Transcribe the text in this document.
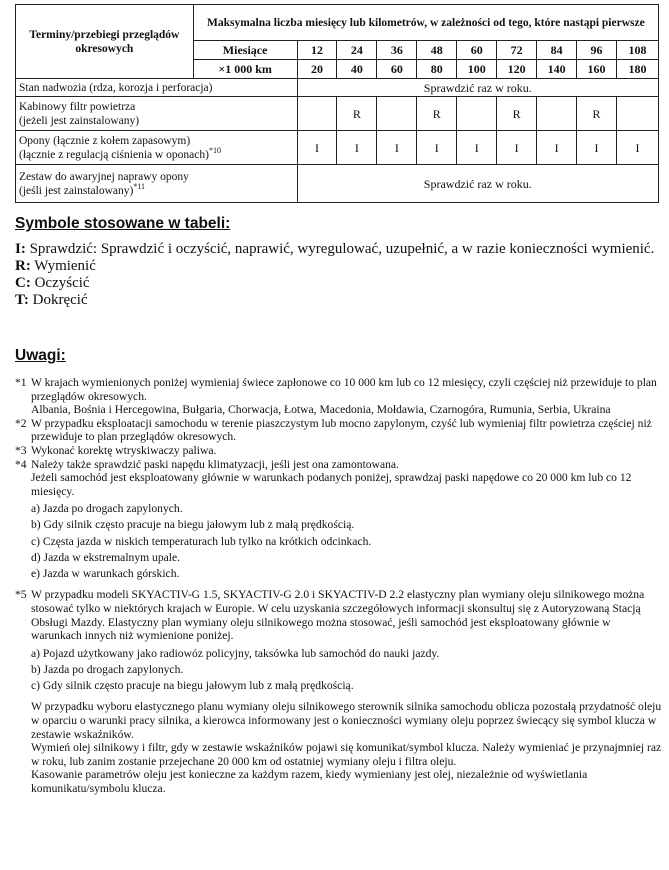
Terminy/przebiegi przeglądów okresowych	Maksymalna liczba miesięcy lub kilometrów, w zależności od tego, które nastąpi pierwsze									
	Miesiące	12	24	36	48	60	72	84	96	108
	×1 000 km	20	40	60	80	100	120	140	160	180
Stan nadwozia (rdza, korozja i perforacja)		Sprawdzić raz w roku.								
Kabinowy filtr powietrza
(jeżeli jest zainstalowany)			R		R		R		R	
Opony (łącznie z kołem zapasowym)
(łącznie z regulacją ciśnienia w oponach)$^{*10}$		I	I	I	I	I	I	I	I	I
Zestaw do awaryjnej naprawy opony
(jeśli jest zainstalowany)$^{*11}$		Sprawdzić raz w roku.								
Symbole stosowane w tabeli:

I: Sprawdzić: Sprawdzić i oczyścić, naprawić, wyregulować, uzupełnić, a w razie konieczności wymienić.

R: Wymienić

C: Oczyścić

T: Dokręcić

Uwagi:
*1 W krajach wymienionych poniżej wymieniaj świece zapłonowe co 10 000 km lub co 12 miesięcy, czyli częściej niż przewiduje to plan przeglądów okresowych.

Albania, Bośnia i Hercegowina, Bułgaria, Chorwacja, Łotwa, Macedonia, Mołdawia, Czarnogóra, Rumunia, Serbia, Ukraina

*2 W przypadku eksploatacji samochodu w terenie piaszczystym lub mocno zapylonym, czyść lub wymieniaj filtr powietrza częściej niż przewiduje to plan przeglądów okresowych.

*3 Wykonać korektę wtryskiwaczy paliwa.

*4 Należy także sprawdzić paski napędu klimatyzacji, jeśli jest ona zamontowana.

Jeżeli samochód jest eksploatowany głównie w warunkach podanych poniżej, sprawdzaj paski napędowe co 20 000 km lub co 12 miesięcy.

a) Jazda po drogach zapylonych.
b) Gdy silnik często pracuje na biegu jałowym lub z małą prędkością.
c) Częsta jazda w niskich temperaturach lub tylko na krótkich odcinkach.
d) Jazda w ekstremalnym upale.
e) Jazda w warunkach górskich.
*5 W przypadku modeli SKYACTIV-G 1.5, SKYACTIV-G 2.0 i SKYACTIV-D 2.2 elastyczny plan wymiany oleju silnikowego można stosować tylko w niektórych krajach w Europie. W celu uzyskania szczegółowych informacji skonsultuj się z Autoryzowaną Stacją Obsługi Mazdy. Elastyczny plan wymiany oleju silnikowego można stosować, jeśli samochód jest eksploatowany głównie w warunkach innych niż wymienione poniżej.

a) Pojazd użytkowany jako radiowóz policyjny, taksówka lub samochód do nauki jazdy.
b) Jazda po drogach zapylonych.
c) Gdy silnik często pracuje na biegu jałowym lub z małą prędkością.

W przypadku wyboru elastycznego planu wymiany oleju silnikowego sterownik silnika samochodu oblicza pozostałą przydatność oleju w oparciu o warunki pracy silnika, a kierowca informowany jest o konieczności wymiany oleju poprzez świecący się symbol klucza w zestawie wskaźników.

Wymień olej silnikowy i filtr, gdy w zestawie wskaźników pojawi się komunikat/symbol klucza. Należy wymieniać je przynajmniej raz w roku, lub zanim zostanie przejechane 20 000 km od ostatniej wymiany oleju i filtra oleju.

Kasowanie parametrów oleju jest konieczne za każdym razem, kiedy wymieniany jest olej, niezależnie od wyświetlania komunikatu/symbolu klucza.
